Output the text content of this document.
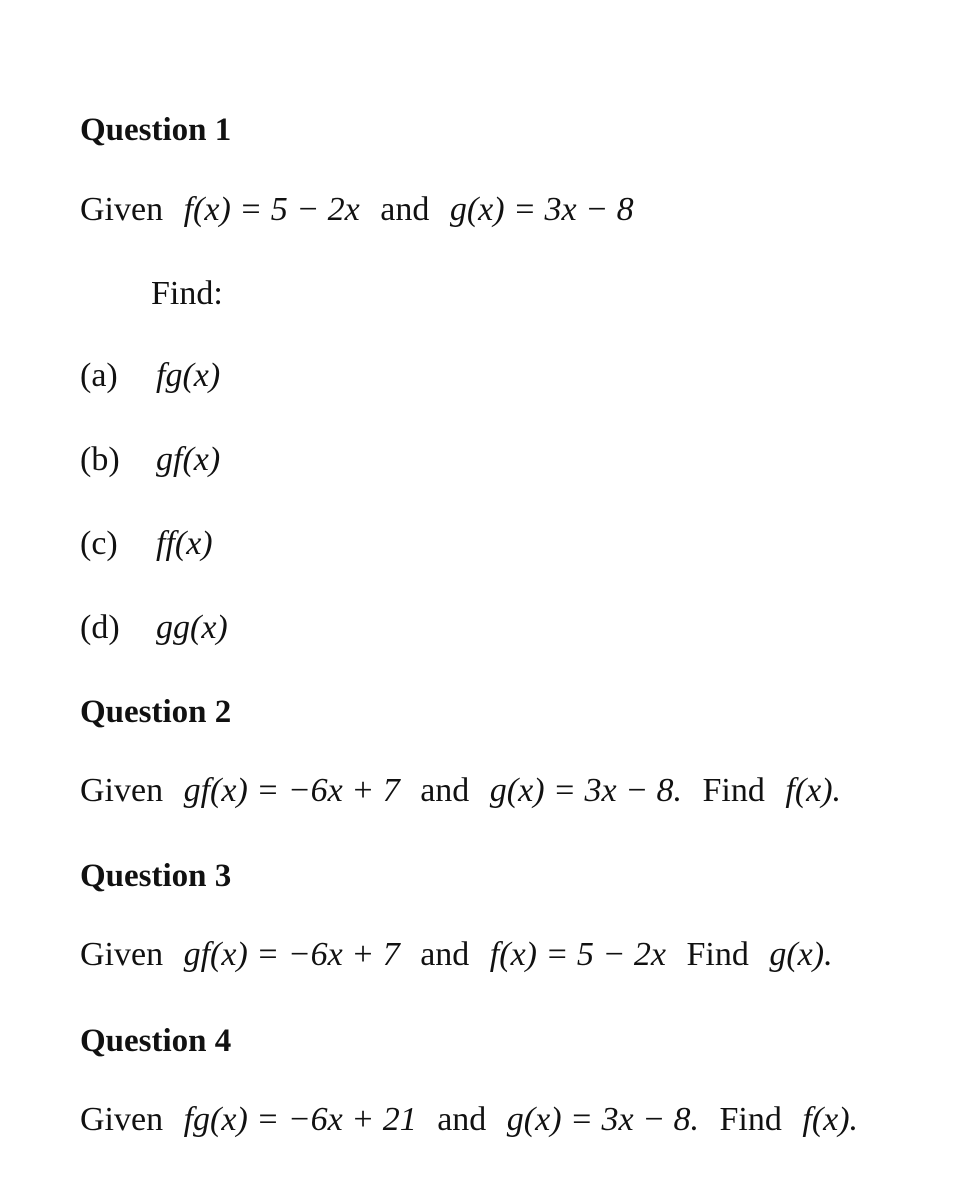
Question 1
Given f(x) = 5 − 2x and g(x) = 3x − 8
Find:
(a) fg(x)
(b) gf(x)
(c) ff(x)
(d) gg(x)
Question 2
Given gf(x) = −6x + 7 and g(x) = 3x − 8. Find f(x).
Question 3
Given gf(x) = −6x + 7 and f(x) = 5 − 2x Find g(x).
Question 4
Given fg(x) = −6x + 21 and g(x) = 3x − 8. Find f(x).
